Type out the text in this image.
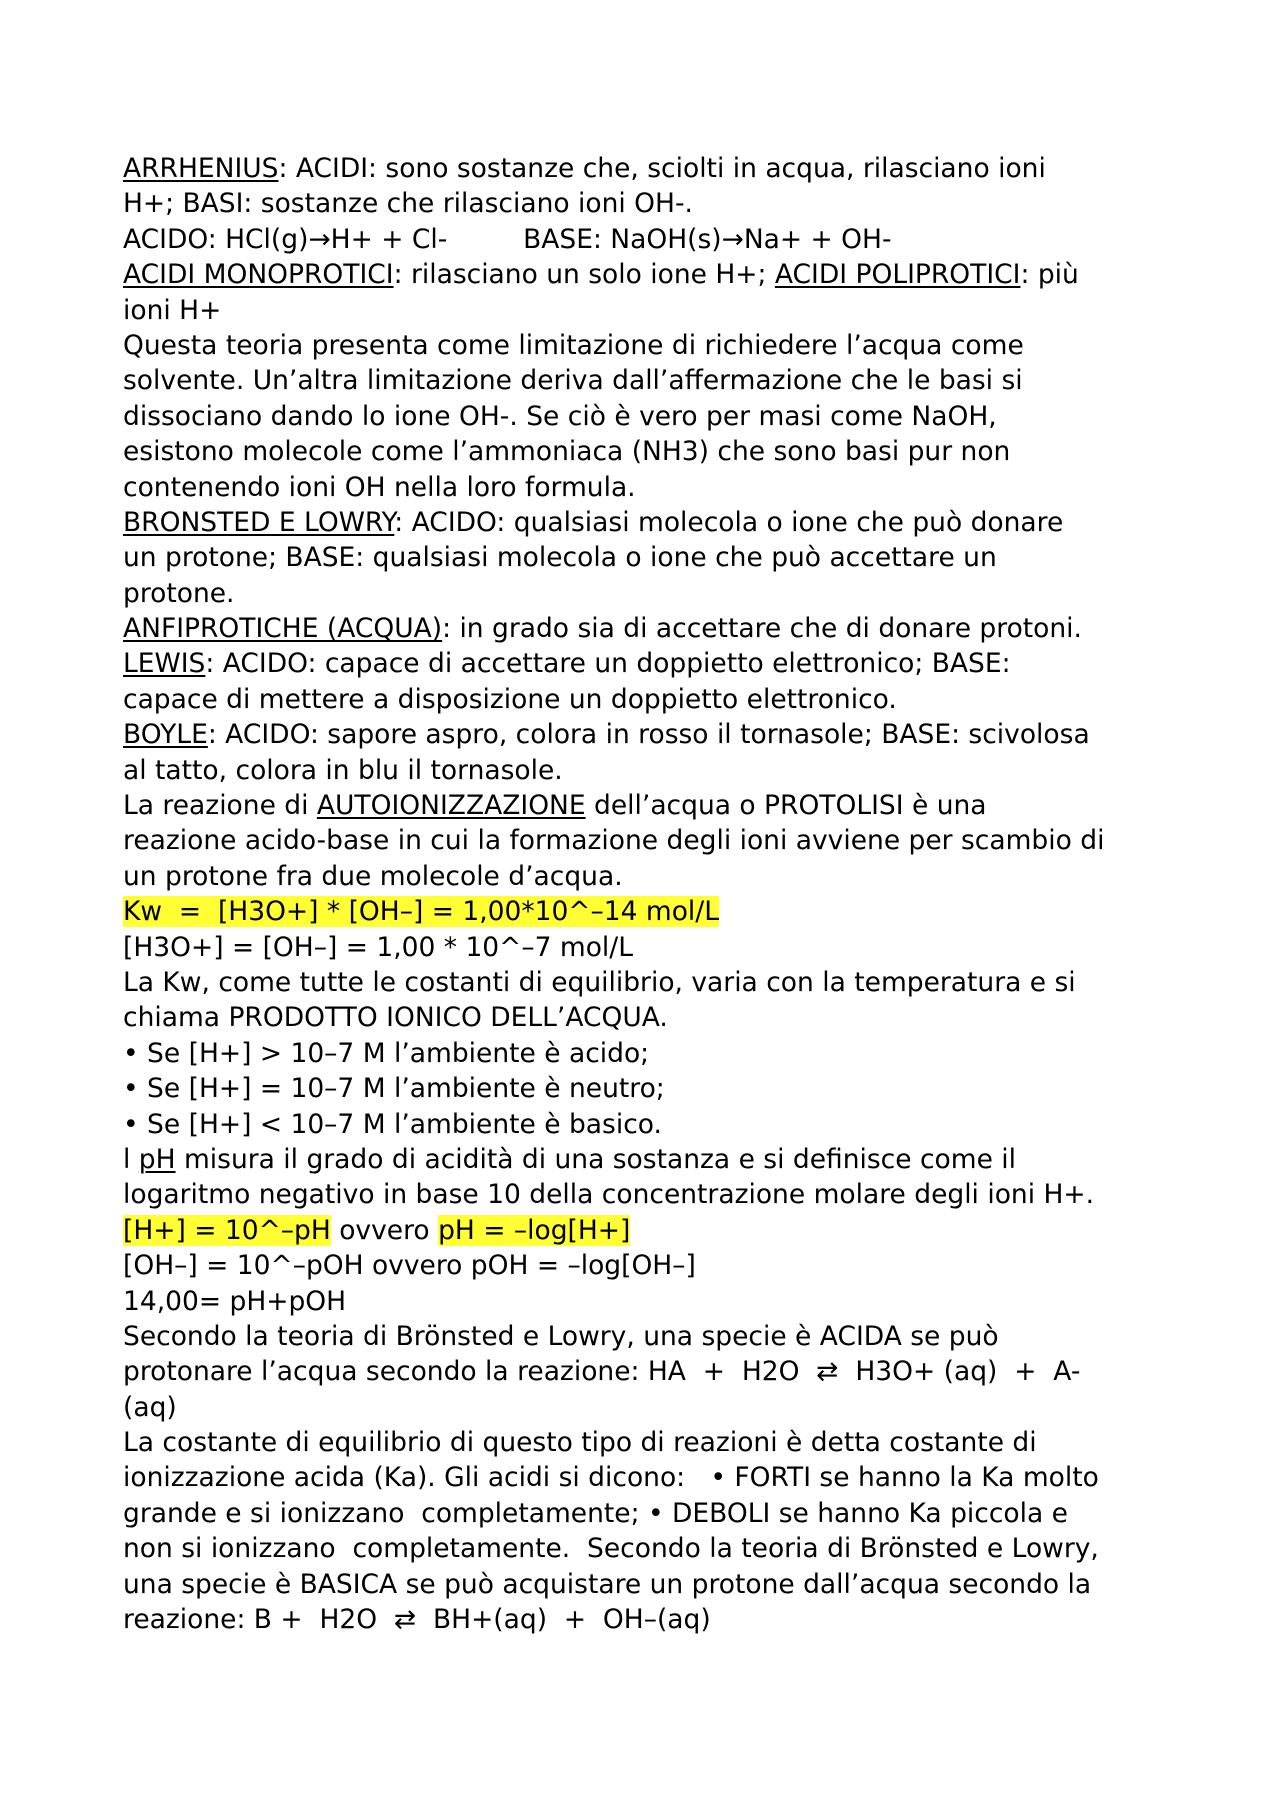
ARRHENIUS: ACIDI: sono sostanze che, sciolti in acqua, rilasciano ioni
H+; BASI: sostanze che rilasciano ioni OH-.
ACIDO: HCl(g)→H+ + Cl-         BASE: NaOH(s)→Na+ + OH-
ACIDI MONOPROTICI: rilasciano un solo ione H+; ACIDI POLIPROTICI: più
ioni H+
Questa teoria presenta come limitazione di richiedere l’acqua come
solvente. Un’altra limitazione deriva dall’affermazione che le basi si
dissociano dando lo ione OH-. Se ciò è vero per masi come NaOH,
esistono molecole come l’ammoniaca (NH3) che sono basi pur non
contenendo ioni OH nella loro formula.
BRONSTED E LOWRY: ACIDO: qualsiasi molecola o ione che può donare
un protone; BASE: qualsiasi molecola o ione che può accettare un
protone.
ANFIPROTICHE (ACQUA): in grado sia di accettare che di donare protoni.
LEWIS: ACIDO: capace di accettare un doppietto elettronico; BASE:
capace di mettere a disposizione un doppietto elettronico.
BOYLE: ACIDO: sapore aspro, colora in rosso il tornasole; BASE: scivolosa
al tatto, colora in blu il tornasole.
La reazione di AUTOIONIZZAZIONE dell’acqua o PROTOLISI è una
reazione acido-base in cui la formazione degli ioni avviene per scambio di
un protone fra due molecole d’acqua.
Kw  =  [H3O+] * [OH–] = 1,00*10^–14 mol/L
[H3O+] = [OH–] = 1,00 * 10^–7 mol/L
La Kw, come tutte le costanti di equilibrio, varia con la temperatura e si
chiama PRODOTTO IONICO DELL’ACQUA.
• Se [H+] > 10–7 M l’ambiente è acido;
• Se [H+] = 10–7 M l’ambiente è neutro;
• Se [H+] < 10–7 M l’ambiente è basico.
l pH misura il grado di acidità di una sostanza e si definisce come il
logaritmo negativo in base 10 della concentrazione molare degli ioni H+.
[H+] = 10^–pH ovvero pH = –log[H+]
[OH–] = 10^–pOH ovvero pOH = –log[OH–]
14,00= pH+pOH
Secondo la teoria di Brönsted e Lowry, una specie è ACIDA se può
protonare l’acqua secondo la reazione: HA  +  H2O  ⇄  H3O+ (aq)  +  A-
(aq)
La costante di equilibrio di questo tipo di reazioni è detta costante di
ionizzazione acida (Ka). Gli acidi si dicono:   • FORTI se hanno la Ka molto
grande e si ionizzano  completamente; • DEBOLI se hanno Ka piccola e
non si ionizzano  completamente.  Secondo la teoria di Brönsted e Lowry,
una specie è BASICA se può acquistare un protone dall’acqua secondo la
reazione: B +  H2O  ⇄  BH+(aq)  +  OH–(aq)
